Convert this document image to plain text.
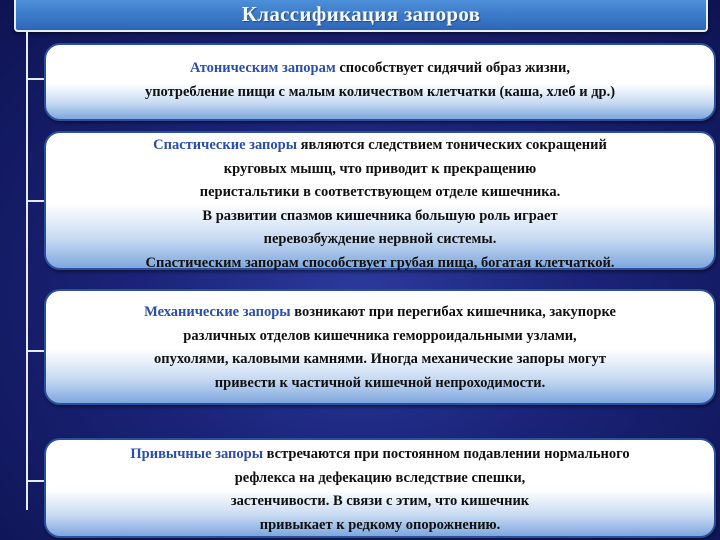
Классификация запоров
Атоническим запорам способствует сидячий образ жизни,
употребление пищи с малым количеством клетчатки (каша, хлеб и др.)
Спастические запоры являются следствием тонических сокращений
круговых мышц, что приводит к прекращению
перистальтики в соответствующем отделе кишечника.
В развитии спазмов кишечника большую роль играет
перевозбуждение нервной системы.
Спастическим запорам способствует грубая пища, богатая клетчаткой.
Механические запоры возникают при перегибах кишечника, закупорке
различных отделов кишечника геморроидальными узлами,
опухолями, каловыми камнями. Иногда механические запоры могут
привести к частичной кишечной непроходимости.
Привычные запоры встречаются при постоянном подавлении нормального
рефлекса на дефекацию вследствие спешки,
застенчивости. В связи с этим, что кишечник
привыкает к редкому опорожнению.
